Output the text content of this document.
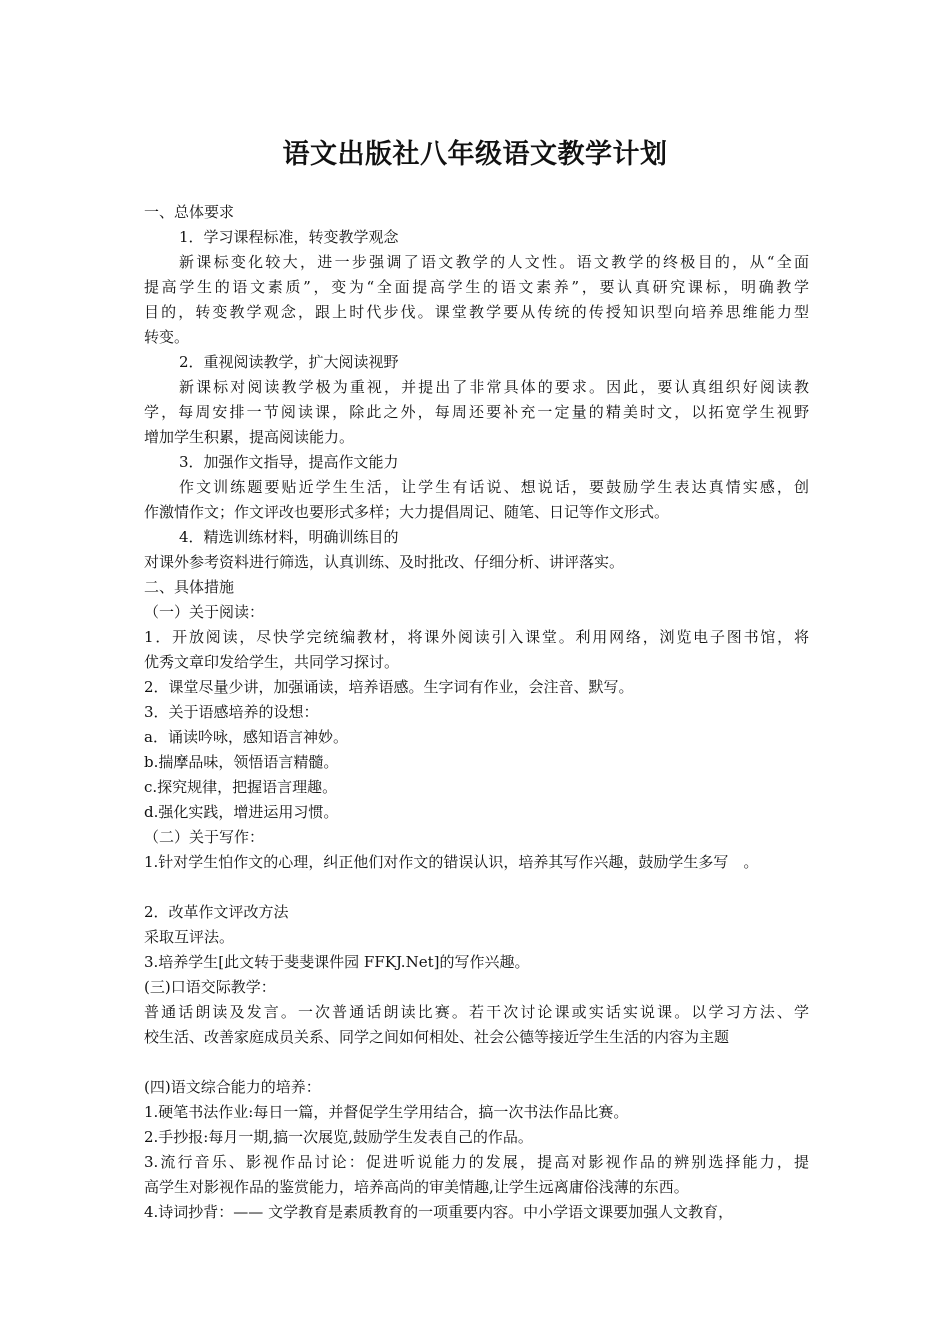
语文出版社八年级语文教学计划
一、总体要求
1．学习课程标准，转变教学观念
新课标变化较大，进一步强调了语文教学的人文性。语文教学的终极目的，从“全面
提高学生的语文素质”，变为“全面提高学生的语文素养”，要认真研究课标，明确教学
目的，转变教学观念，跟上时代步伐。课堂教学要从传统的传授知识型向培养思维能力型
转变。
2．重视阅读教学，扩大阅读视野
新课标对阅读教学极为重视，并提出了非常具体的要求。因此，要认真组织好阅读教
学，每周安排一节阅读课，除此之外，每周还要补充一定量的精美时文，以拓宽学生视野
增加学生积累，提高阅读能力。
3．加强作文指导，提高作文能力
作文训练题要贴近学生生活，让学生有话说、想说话，要鼓励学生表达真情实感，创
作激情作文；作文评改也要形式多样；大力提倡周记、随笔、日记等作文形式。
4．精选训练材料，明确训练目的
对课外参考资料进行筛选，认真训练、及时批改、仔细分析、讲评落实。
二、具体措施
（一）关于阅读：
1．开放阅读，尽快学完统编教材，将课外阅读引入课堂。利用网络，浏览电子图书馆，将
优秀文章印发给学生，共同学习探讨。
2．课堂尽量少讲，加强诵读，培养语感。生字词有作业，会注音、默写。
3．关于语感培养的设想：
a．诵读吟咏，感知语言神妙。
b.揣摩品味，领悟语言精髓。
c.探究规律，把握语言理趣。
d.强化实践，增进运用习惯。
（二）关于写作：
1.针对学生怕作文的心理，纠正他们对作文的错误认识，培养其写作兴趣，鼓励学生多写　。
2．改革作文评改方法
采取互评法。
3.培养学生[此文转于斐斐课件园 FFKJ.Net]的写作兴趣。
(三)口语交际教学：
普通话朗读及发言。一次普通话朗读比赛。若干次讨论课或实话实说课。以学习方法、学
校生活、改善家庭成员关系、同学之间如何相处、社会公德等接近学生生活的内容为主题
(四)语文综合能力的培养：
1.硬笔书法作业:每日一篇，并督促学生学用结合，搞一次书法作品比赛。
2.手抄报:每月一期,搞一次展览,鼓励学生发表自己的作品。
3.流行音乐、影视作品讨论：促进听说能力的发展，提高对影视作品的辨别选择能力，提
高学生对影视作品的鉴赏能力，培养高尚的审美情趣,让学生远离庸俗浅薄的东西。
4.诗词抄背：—— 文学教育是素质教育的一项重要内容。中小学语文课要加强人文教育，
